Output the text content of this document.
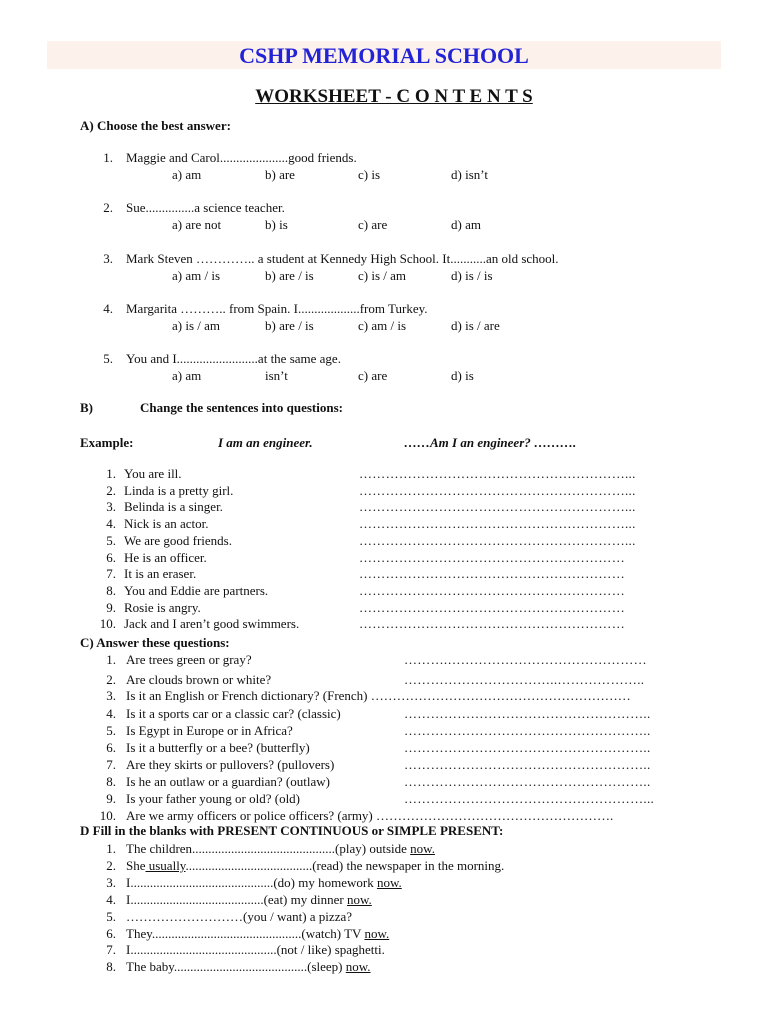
CSHP MEMORIAL SCHOOL
WORKSHEET - C O N T E N T S
A) Choose the best answer:
1. Maggie and Carol.....................good friends.
a) am	b) are	c) is	d) isn’t
2. Sue...............a science teacher.
a) are not	b) is	c) are	d) am
3. Mark Steven ………….. a student at Kennedy High School. It...........an old school.
a) am / is	b) are / is	c) is / am	d) is / is
4. Margarita ……….. from Spain. I...................from Turkey.
a) is / am	b) are / is	c) am / is	d) is / are
5. You and I.........................at the same age.
a) am	isn’t	c) are	d) is
B)	Change the sentences into questions:
Example:	I am an engineer.	……Am I an engineer? ……….
1. You are ill.	……………………………………………………...
2. Linda is a pretty girl.	……………………………………………………...
3. Belinda is a singer.	……………………………………………………...
4. Nick is an actor.	……………………………………………………...
5. We are good friends.	……………………………………………………...
6. He is an officer.	……………………………………………………
7. It is an eraser.	……………………………………………………
8. You and Eddie are partners.	……………………………………………………
9. Rosie is angry.	……………………………………………………
10. Jack and I aren’t good swimmers.	……………………………………………………
C) Answer these questions:
1. Are trees green or gray?	……….………………………………………
2. Are clouds brown or white?	……………………………..………………..
3. Is it an English or French dictionary? (French) ……………………………………………………
4. Is it a sports car or a classic car? (classic)	………………………………………………..
5. Is Egypt in Europe or in Africa?	………………………………………………..
6. Is it a butterfly or a bee? (butterfly)	………………………………………………..
7. Are they skirts or pullovers? (pullovers)	………………………………………………..
8. Is he an outlaw or a guardian? (outlaw)	………………………………………………..
9. Is your father young or old? (old)	………………………………………………...
10. Are we army officers or police officers? (army) ……………………………………………….
D Fill in the blanks with PRESENT CONTINUOUS or SIMPLE PRESENT:
1. The children............................................(play) outside now.
2. She usually.......................................(read) the newspaper in the morning.
3. I............................................(do) my homework now.
4. I.........................................(eat) my dinner now.
5. ………………………(you / want) a pizza?
6. They..............................................(watch) TV now.
7. I.............................................(not / like) spaghetti.
8. The baby.........................................(sleep) now.
